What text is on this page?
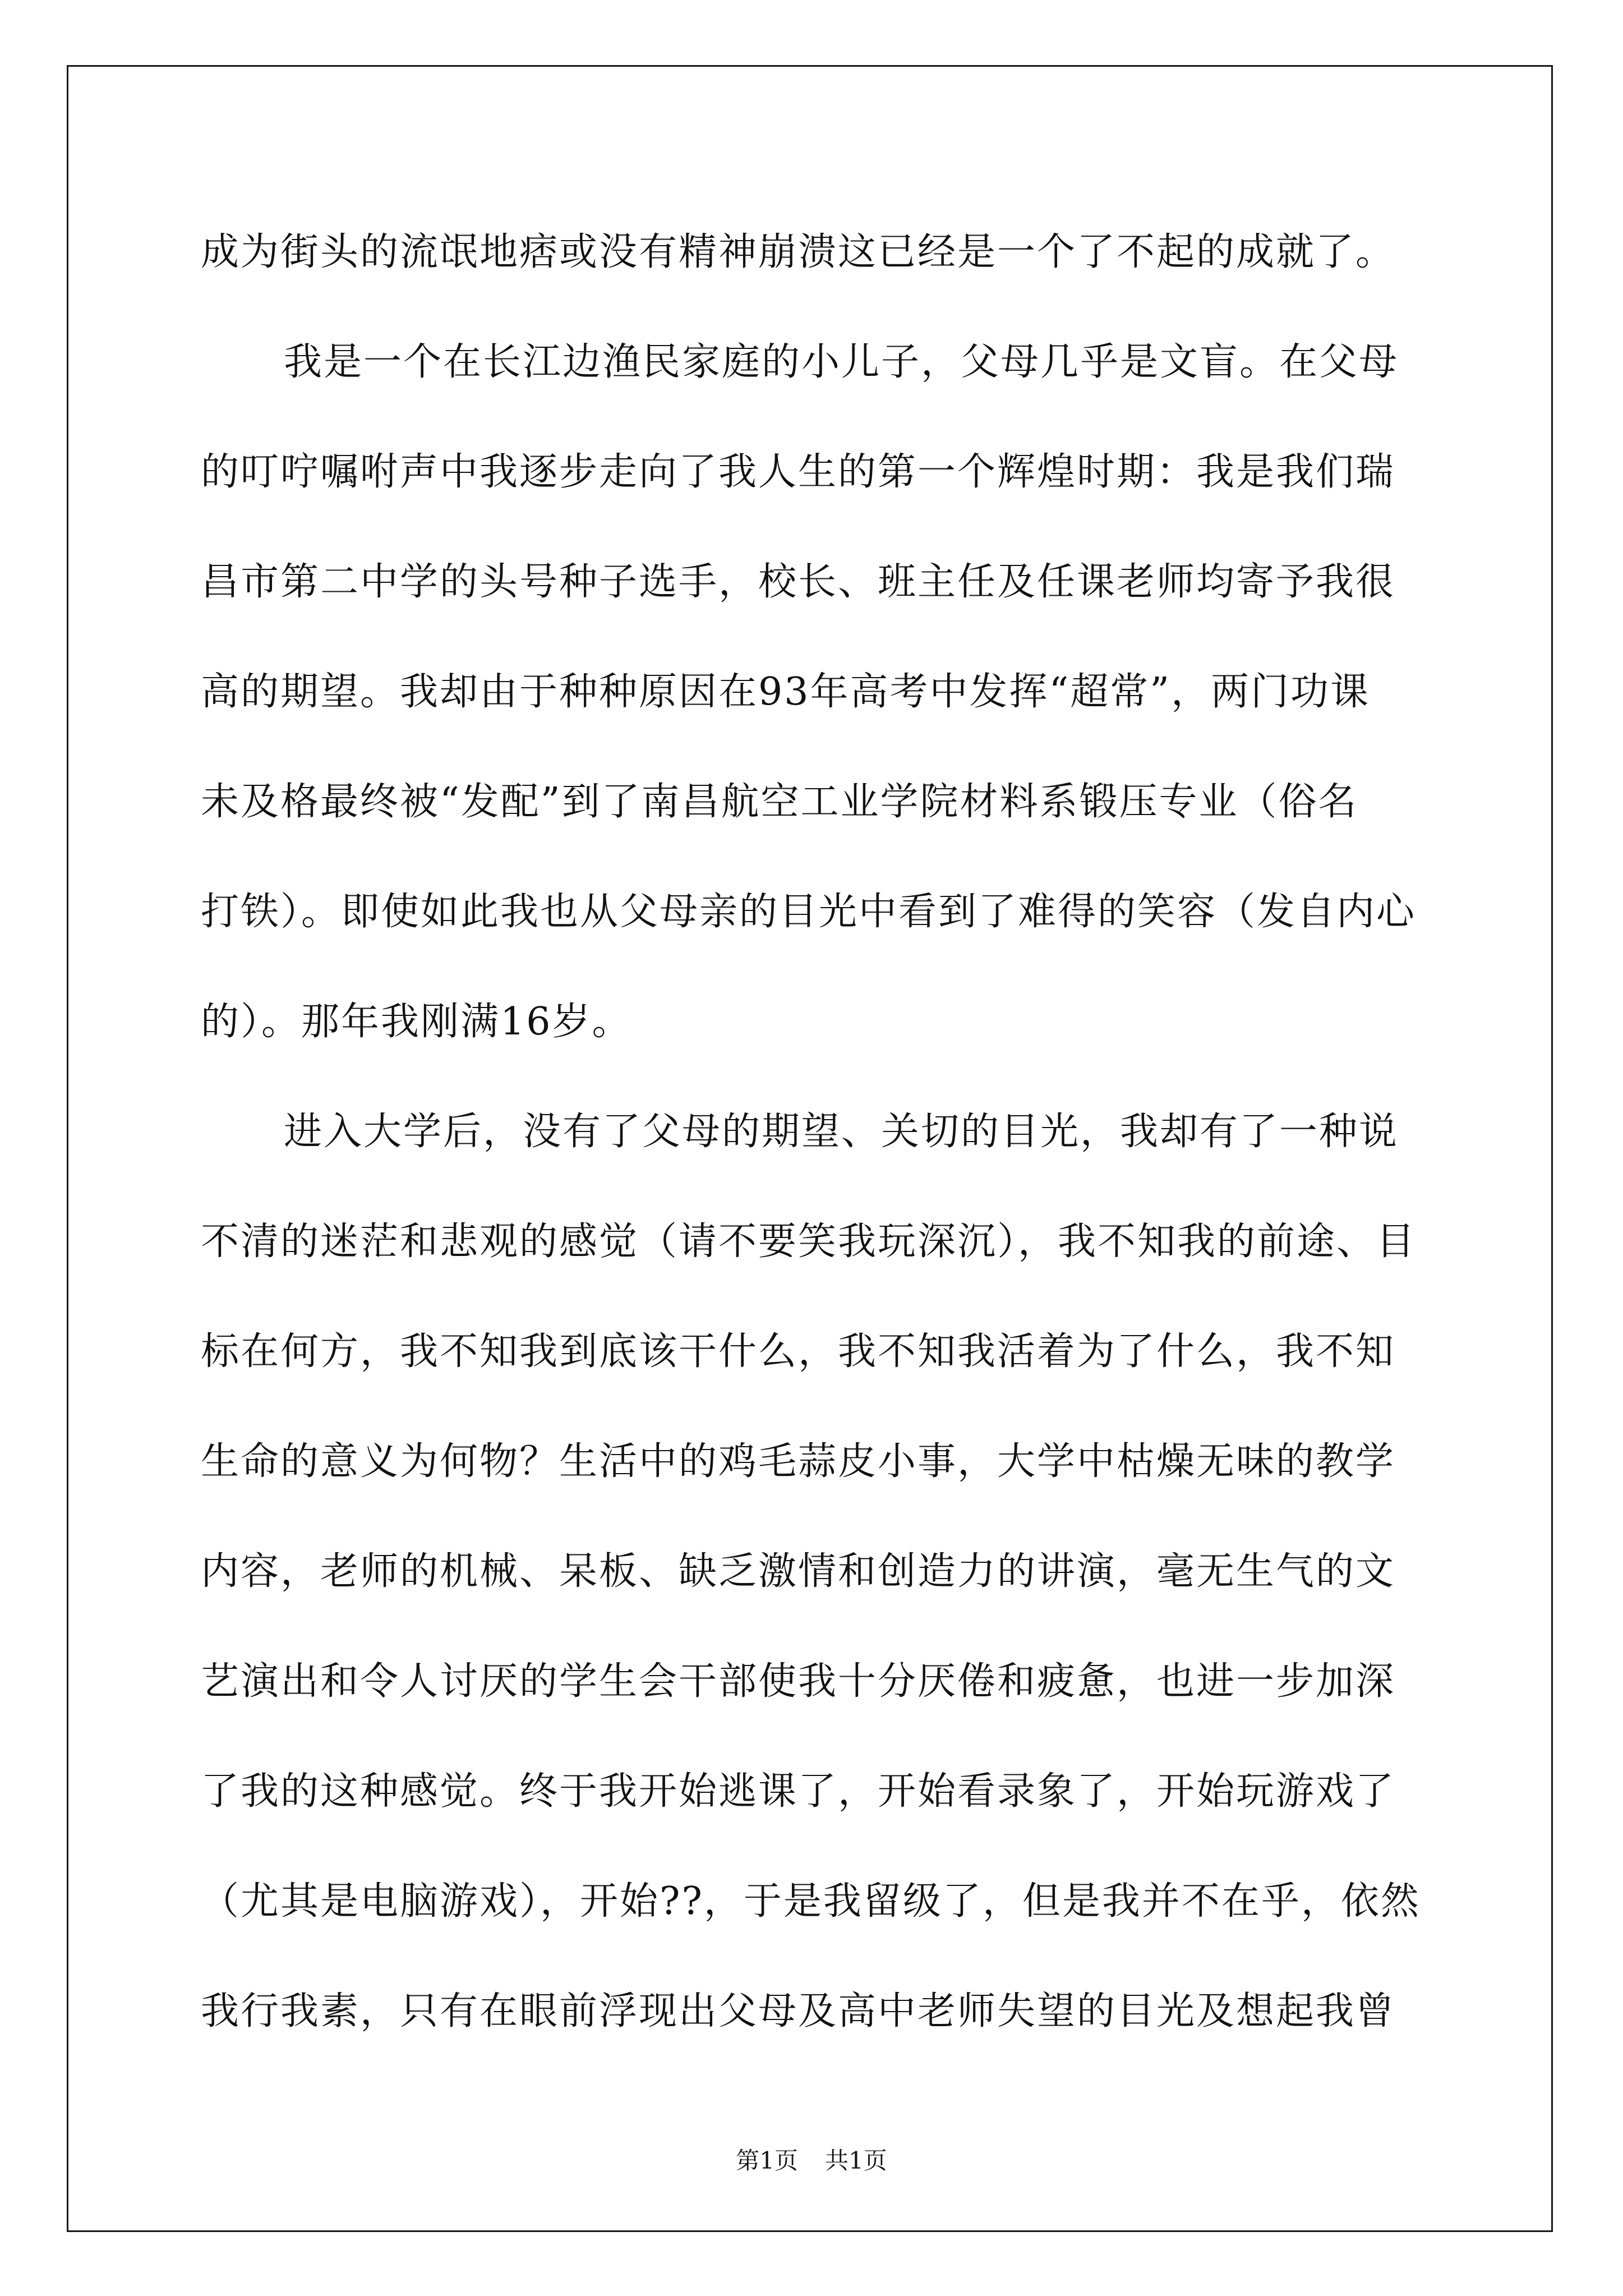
成为街头的流氓地痞或没有精神崩溃这已经是一个了不起的成就了。
我是一个在长江边渔民家庭的小儿子，父母几乎是文盲。在父母
的叮咛嘱咐声中我逐步走向了我人生的第一个辉煌时期：我是我们瑞
昌市第二中学的头号种子选手，校长、班主任及任课老师均寄予我很
高的期望。我却由于种种原因在93年高考中发挥“超常”，两门功课
未及格最终被“发配”到了南昌航空工业学院材料系锻压专业（俗名
打铁）。即使如此我也从父母亲的目光中看到了难得的笑容（发自内心
的）。那年我刚满16岁。
进入大学后，没有了父母的期望、关切的目光，我却有了一种说
不清的迷茫和悲观的感觉（请不要笑我玩深沉），我不知我的前途、目
标在何方，我不知我到底该干什么，我不知我活着为了什么，我不知
生命的意义为何物？生活中的鸡毛蒜皮小事，大学中枯燥无味的教学
内容，老师的机械、呆板、缺乏激情和创造力的讲演，毫无生气的文
艺演出和令人讨厌的学生会干部使我十分厌倦和疲惫，也进一步加深
了我的这种感觉。终于我开始逃课了，开始看录象了，开始玩游戏了
（尤其是电脑游戏），开始??，于是我留级了，但是我并不在乎，依然
我行我素，只有在眼前浮现出父母及高中老师失望的目光及想起我曾
第1页 共1页
